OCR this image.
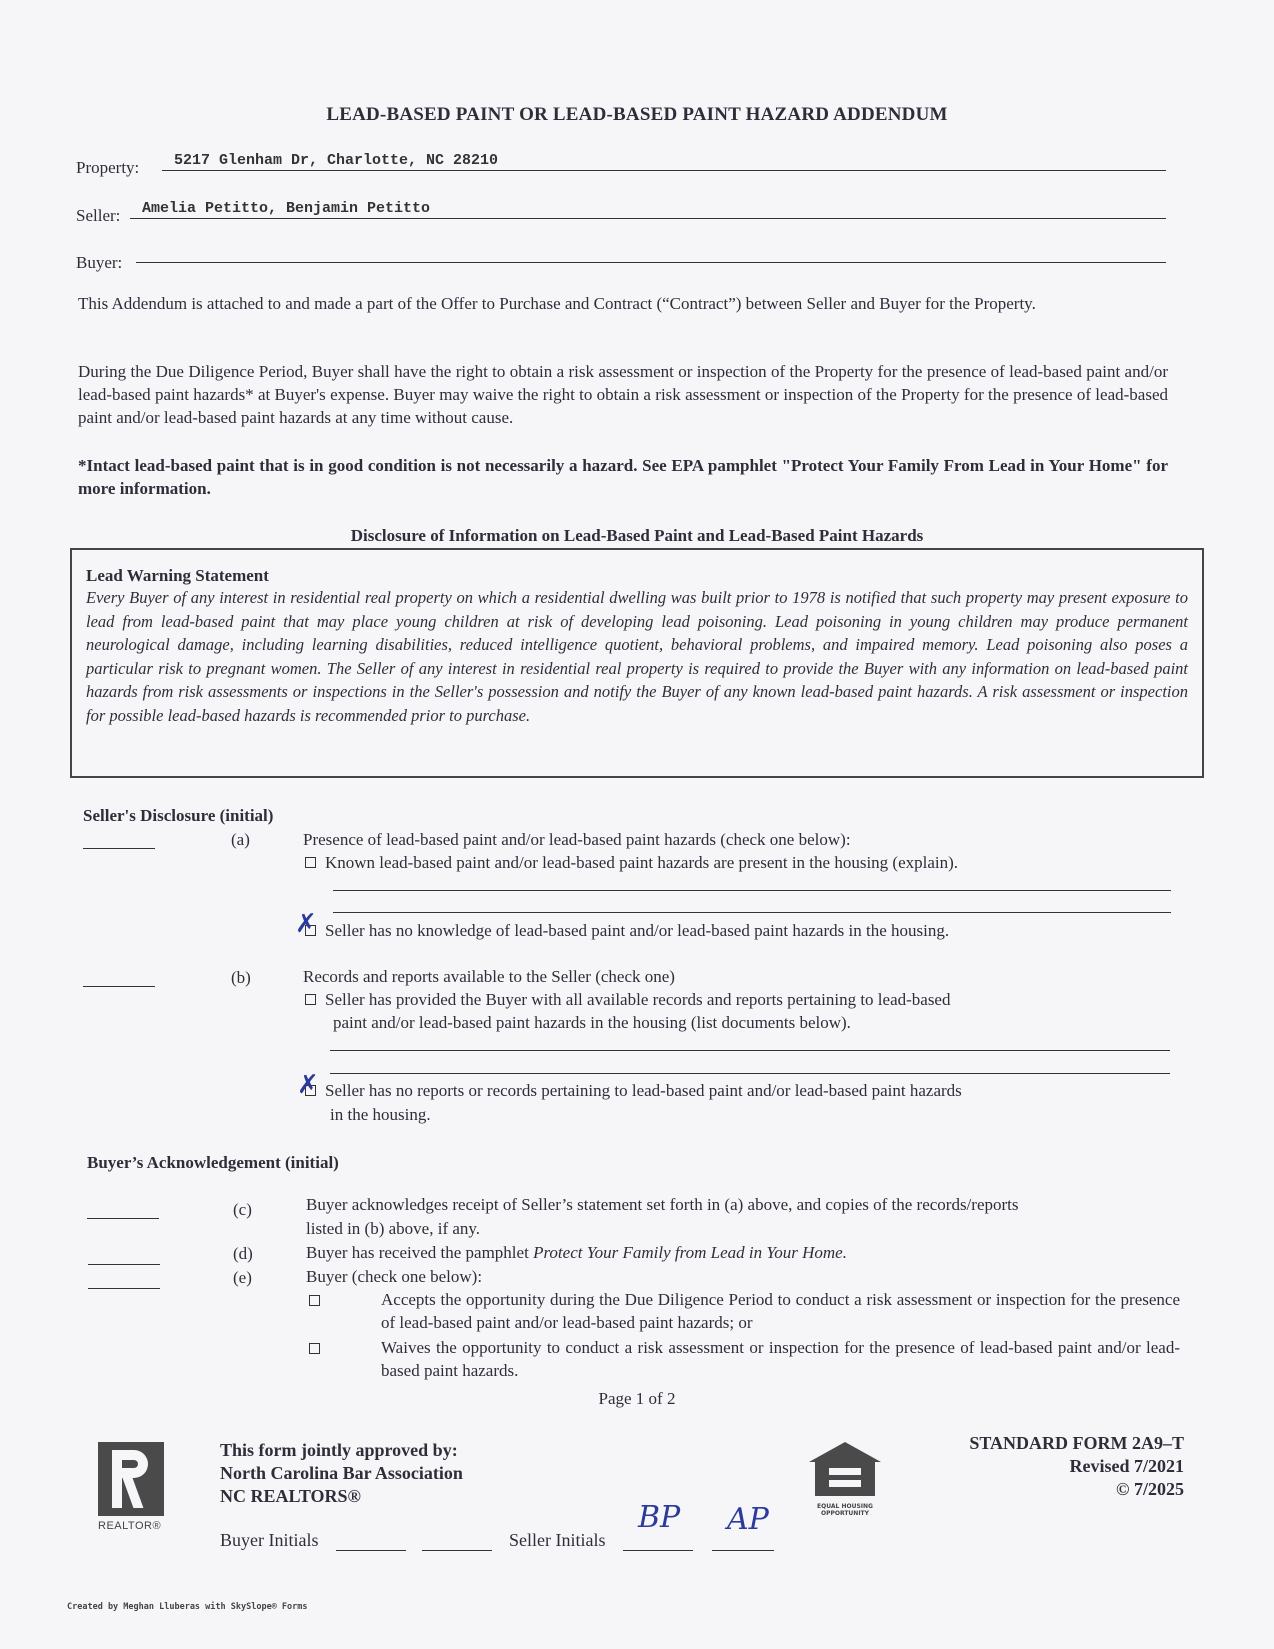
LEAD-BASED PAINT OR LEAD-BASED PAINT HAZARD ADDENDUM
Property: 5217 Glenham Dr, Charlotte, NC 28210
Seller: Amelia Petitto, Benjamin Petitto
Buyer:
This Addendum is attached to and made a part of the Offer to Purchase and Contract (“Contract”) between Seller and Buyer for the Property.
During the Due Diligence Period, Buyer shall have the right to obtain a risk assessment or inspection of the Property for the presence of lead-based paint and/or lead-based paint hazards* at Buyer's expense. Buyer may waive the right to obtain a risk assessment or inspection of the Property for the presence of lead-based paint and/or lead-based paint hazards at any time without cause.
*Intact lead-based paint that is in good condition is not necessarily a hazard. See EPA pamphlet "Protect Your Family From Lead in Your Home" for more information.
Disclosure of Information on Lead-Based Paint and Lead-Based Paint Hazards
Lead Warning Statement
Every Buyer of any interest in residential real property on which a residential dwelling was built prior to 1978 is notified that such property may present exposure to lead from lead-based paint that may place young children at risk of developing lead poisoning. Lead poisoning in young children may produce permanent neurological damage, including learning disabilities, reduced intelligence quotient, behavioral problems, and impaired memory. Lead poisoning also poses a particular risk to pregnant women. The Seller of any interest in residential real property is required to provide the Buyer with any information on lead-based paint hazards from risk assessments or inspections in the Seller's possession and notify the Buyer of any known lead-based paint hazards. A risk assessment or inspection for possible lead-based hazards is recommended prior to purchase.
Seller's Disclosure (initial)
(a)	Presence of lead-based paint and/or lead-based paint hazards (check one below):
Known lead-based paint and/or lead-based paint hazards are present in the housing (explain).
Seller has no knowledge of lead-based paint and/or lead-based paint hazards in the housing.
✗
(b)	Records and reports available to the Seller (check one)
Seller has provided the Buyer with all available records and reports pertaining to lead-based
paint and/or lead-based paint hazards in the housing (list documents below).
Seller has no reports or records pertaining to lead-based paint and/or lead-based paint hazards
in the housing.
✗
Buyer’s Acknowledgement (initial)
(c)	Buyer acknowledges receipt of Seller’s statement set forth in (a) above, and copies of the records/reports
listed in (b) above, if any.
(d)	Buyer has received the pamphlet Protect Your Family from Lead in Your Home.
(e)	Buyer (check one below):
Accepts the opportunity during the Due Diligence Period to conduct a risk assessment or inspection for the presence of lead-based paint and/or lead-based paint hazards; or
Waives the opportunity to conduct a risk assessment or inspection for the presence of lead-based paint and/or lead-based paint hazards.
Page 1 of 2
REALTOR®
This form jointly approved by:
North Carolina Bar Association
NC REALTORS®
EQUAL HOUSING
OPPORTUNITY
STANDARD FORM 2A9–T
Revised 7/2021
© 7/2025
Buyer Initials	Seller Initials
BP AP
Created by Meghan Lluberas with SkySlope® Forms
